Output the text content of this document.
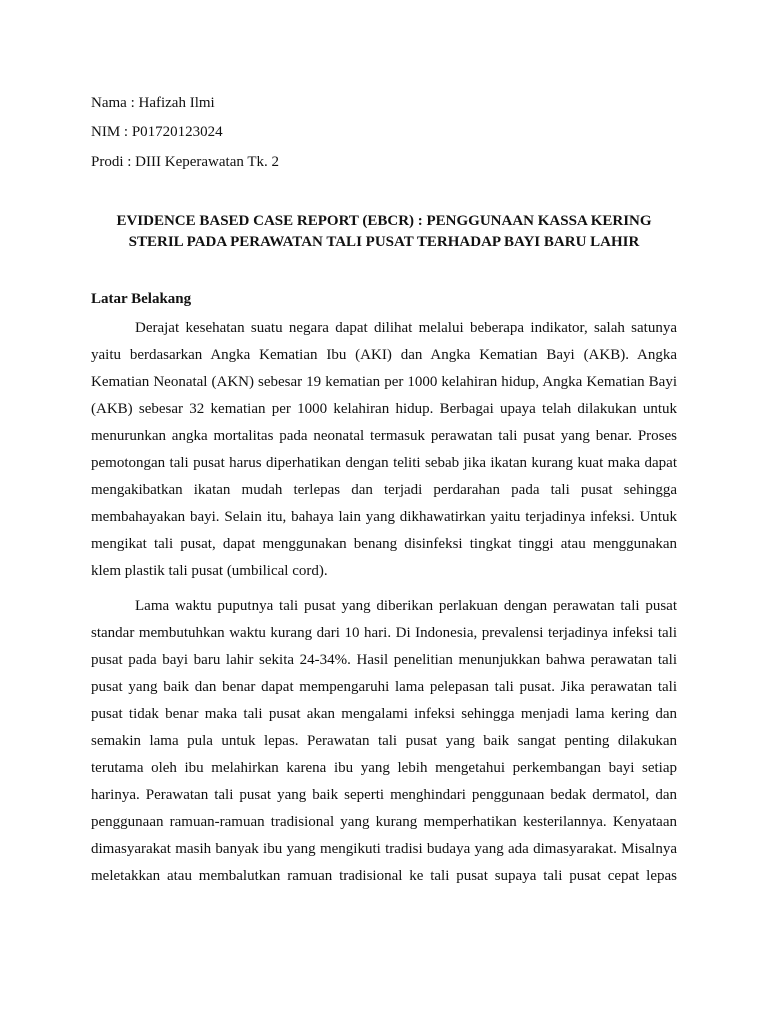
Nama : Hafizah Ilmi
NIM : P01720123024
Prodi : DIII Keperawatan Tk. 2
EVIDENCE BASED CASE REPORT (EBCR) : PENGGUNAAN KASSA KERING
STERIL PADA PERAWATAN TALI PUSAT TERHADAP BAYI BARU LAHIR
Latar Belakang
Derajat kesehatan suatu negara dapat dilihat melalui beberapa indikator, salah satunya
yaitu berdasarkan Angka Kematian Ibu (AKI) dan Angka Kematian Bayi (AKB). Angka
Kematian Neonatal (AKN) sebesar 19 kematian per 1000 kelahiran hidup, Angka Kematian Bayi
(AKB) sebesar 32 kematian per 1000 kelahiran hidup. Berbagai upaya telah dilakukan untuk
menurunkan angka mortalitas pada neonatal termasuk perawatan tali pusat yang benar. Proses
pemotongan tali pusat harus diperhatikan dengan teliti sebab jika ikatan kurang kuat maka dapat
mengakibatkan ikatan mudah terlepas dan terjadi perdarahan pada tali pusat sehingga
membahayakan bayi. Selain itu, bahaya lain yang dikhawatirkan yaitu terjadinya infeksi. Untuk
mengikat tali pusat, dapat menggunakan benang disinfeksi tingkat tinggi atau menggunakan
klem plastik tali pusat (umbilical cord).
Lama waktu puputnya tali pusat yang diberikan perlakuan dengan perawatan tali pusat
standar membutuhkan waktu kurang dari 10 hari. Di Indonesia, prevalensi terjadinya infeksi tali
pusat pada bayi baru lahir sekita 24-34%. Hasil penelitian menunjukkan bahwa perawatan tali
pusat yang baik dan benar dapat mempengaruhi lama pelepasan tali pusat. Jika perawatan tali
pusat tidak benar maka tali pusat akan mengalami infeksi sehingga menjadi lama kering dan
semakin lama pula untuk lepas. Perawatan tali pusat yang baik sangat penting dilakukan
terutama oleh ibu melahirkan karena ibu yang lebih mengetahui perkembangan bayi setiap
harinya. Perawatan tali pusat yang baik seperti menghindari penggunaan bedak dermatol, dan
penggunaan ramuan-ramuan tradisional yang kurang memperhatikan kesterilannya. Kenyataan
dimasyarakat masih banyak ibu yang mengikuti tradisi budaya yang ada dimasyarakat. Misalnya
meletakkan atau membalutkan ramuan tradisional ke tali pusat supaya tali pusat cepat lepas
